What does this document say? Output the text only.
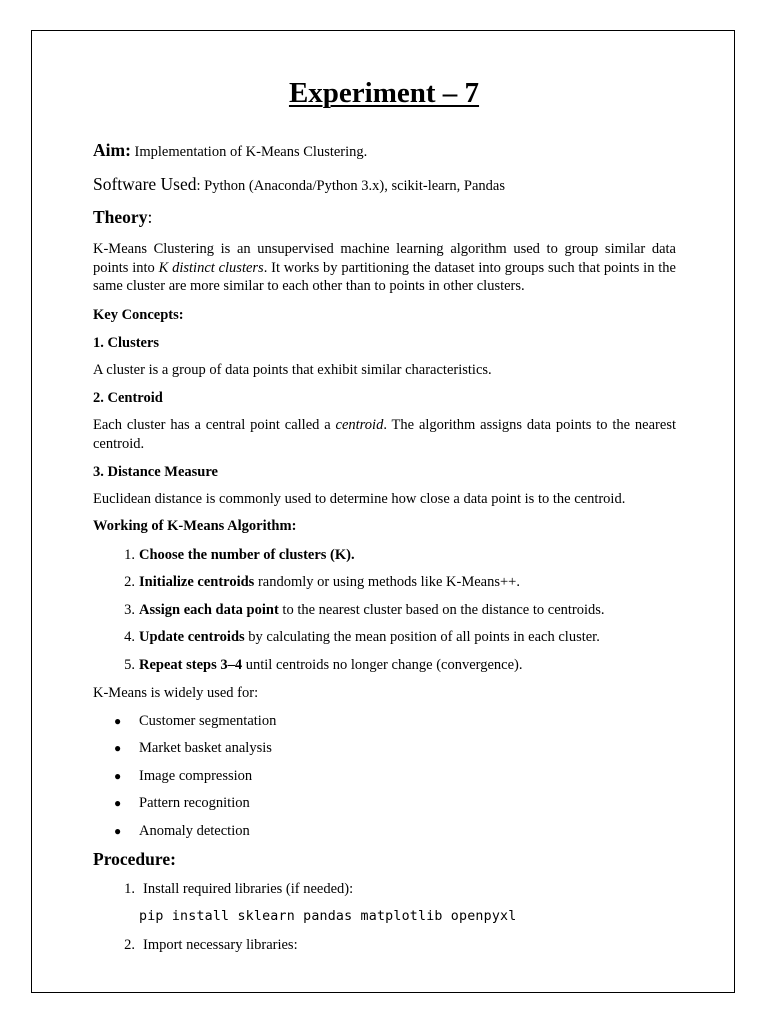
Experiment – 7
Aim: Implementation of K-Means Clustering.
Software Used: Python (Anaconda/Python 3.x), scikit-learn, Pandas
Theory:
K-Means Clustering is an unsupervised machine learning algorithm used to group similar data points into K distinct clusters. It works by partitioning the dataset into groups such that points in the same cluster are more similar to each other than to points in other clusters.
Key Concepts:
1. Clusters
A cluster is a group of data points that exhibit similar characteristics.
2. Centroid
Each cluster has a central point called a centroid. The algorithm assigns data points to the nearest centroid.
3. Distance Measure
Euclidean distance is commonly used to determine how close a data point is to the centroid.
Working of K-Means Algorithm:
1. Choose the number of clusters (K).
2. Initialize centroids randomly or using methods like K-Means++.
3. Assign each data point to the nearest cluster based on the distance to centroids.
4. Update centroids by calculating the mean position of all points in each cluster.
5. Repeat steps 3–4 until centroids no longer change (convergence).
K-Means is widely used for:
● Customer segmentation
● Market basket analysis
● Image compression
● Pattern recognition
● Anomaly detection
Procedure:
1. Install required libraries (if needed):
pip install sklearn pandas matplotlib openpyxl
2. Import necessary libraries:
